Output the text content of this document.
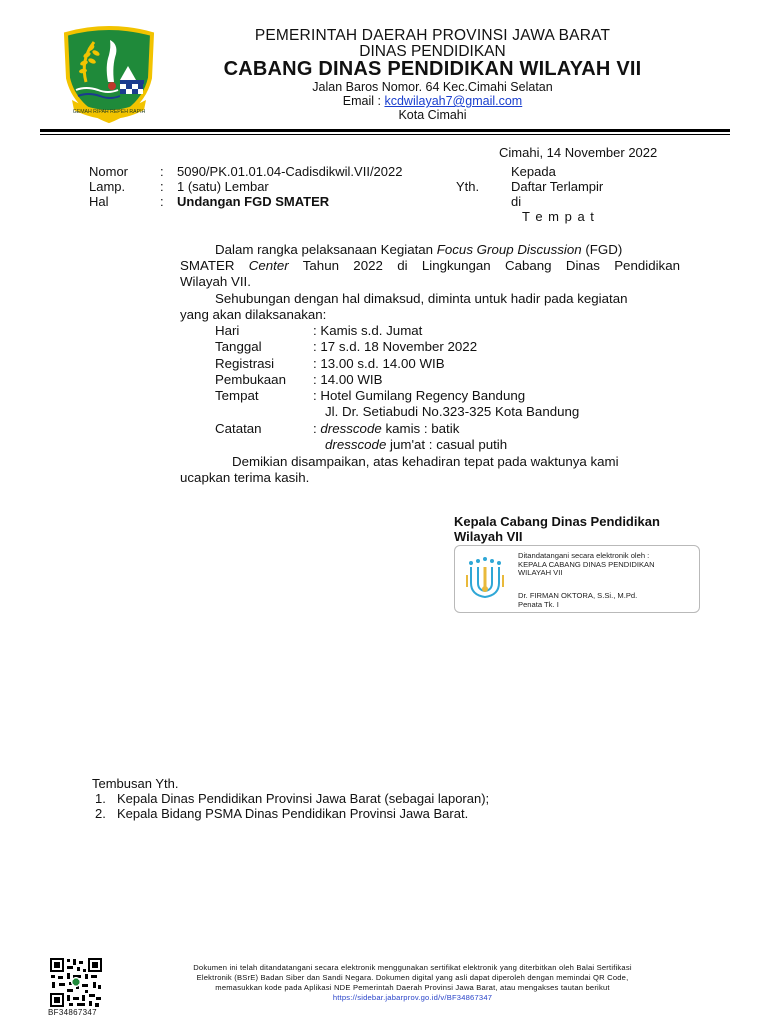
GEMAH RIPAH REPEH RAPIH
PEMERINTAH DAERAH PROVINSI JAWA BARAT
DINAS PENDIDIKAN
CABANG DINAS PENDIDIKAN WILAYAH VII
Jalan Baros Nomor. 64 Kec.Cimahi Selatan
Email : kcdwilayah7@gmail.com
Kota Cimahi
Cimahi, 14 November 2022
Nomor : 5090/PK.01.01.04-Cadisdikwil.VII/2022
Lamp.	: 1 (satu) Lembar
Hal	: Undangan FGD SMATER
Kepada
Yth. Daftar Terlampir
di
T e m p a t
Dalam rangka pelaksanaan Kegiatan Focus Group Discussion (FGD)
SMATER Center Tahun 2022 di Lingkungan Cabang Dinas Pendidikan
Wilayah VII.
Sehubungan dengan hal dimaksud, diminta untuk hadir pada kegiatan
yang akan dilaksanakan:
Hari	: Kamis s.d. Jumat
Tanggal	: 17 s.d. 18 November 2022
Registrasi	: 13.00 s.d. 14.00 WIB
Pembukaan : 14.00 WIB
Tempat	: Hotel Gumilang Regency Bandung
Jl. Dr. Setiabudi No.323-325 Kota Bandung
Catatan	: dresscode kamis : batik
dresscode jum'at : casual putih
Demikian disampaikan, atas kehadiran tepat pada waktunya kami
ucapkan terima kasih.
Kepala Cabang Dinas Pendidikan
Wilayah VII
Ditandatangani secara elektronik oleh :
KEPALA CABANG DINAS PENDIDIKAN
WILAYAH VII
Dr. FIRMAN OKTORA, S.Si., M.Pd.
Penata Tk. I
Tembusan Yth.
1. Kepala Dinas Pendidikan Provinsi Jawa Barat (sebagai laporan);
2. Kepala Bidang PSMA Dinas Pendidikan Provinsi Jawa Barat.
BF34867347
Dokumen ini telah ditandatangani secara elektronik menggunakan sertifikat elektronik yang diterbitkan oleh Balai Sertifikasi
Elektronik (BSrE) Badan Siber dan Sandi Negara. Dokumen digital yang asli dapat diperoleh dengan memindai QR Code,
memasukkan kode pada Aplikasi NDE Pemerintah Daerah Provinsi Jawa Barat, atau mengakses tautan berikut
https://sidebar.jabarprov.go.id/v/BF34867347
